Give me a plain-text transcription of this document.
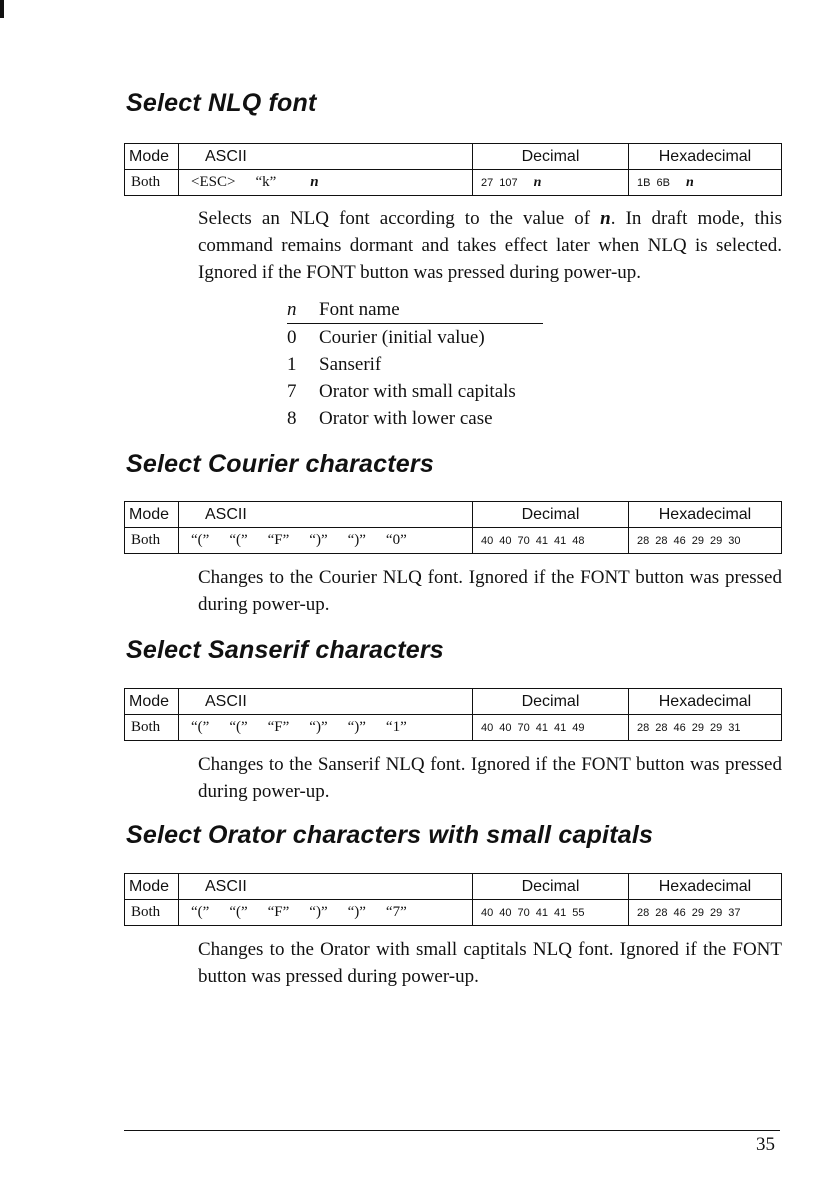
Select NLQ font
Mode	ASCII	Decimal	Hexadecimal
Both	<ESC> “k” n	27 107 n	1B 6B n

Selects an NLQ font according to the value of n. In draft mode, this command remains dormant and takes effect later when NLQ is selected. Ignored if the FONT button was pressed during power-up.

n	Font name
0	Courier (initial value)
1	Sanserif
7	Orator with small capitals
8	Orator with lower case
Select Courier characters
Mode	ASCII	Decimal	Hexadecimal
Both	“(” “(” “F” “)” “)” “0”	40 40 70 41 41 48	28 28 46 29 29 30

Changes to the Courier NLQ font. Ignored if the FONT button was pressed during power-up.

Select Sanserif characters
Mode	ASCII	Decimal	Hexadecimal
Both	“(” “(” “F” “)” “)” “1”	40 40 70 41 41 49	28 28 46 29 29 31

Changes to the Sanserif NLQ font. Ignored if the FONT button was pressed during power-up.

Select Orator characters with small capitals
Mode	ASCII	Decimal	Hexadecimal
Both	“(” “(” “F” “)” “)” “7”	40 40 70 41 41 55	28 28 46 29 29 37

Changes to the Orator with small captitals NLQ font. Ignored if the FONT button was pressed during power-up.

35
